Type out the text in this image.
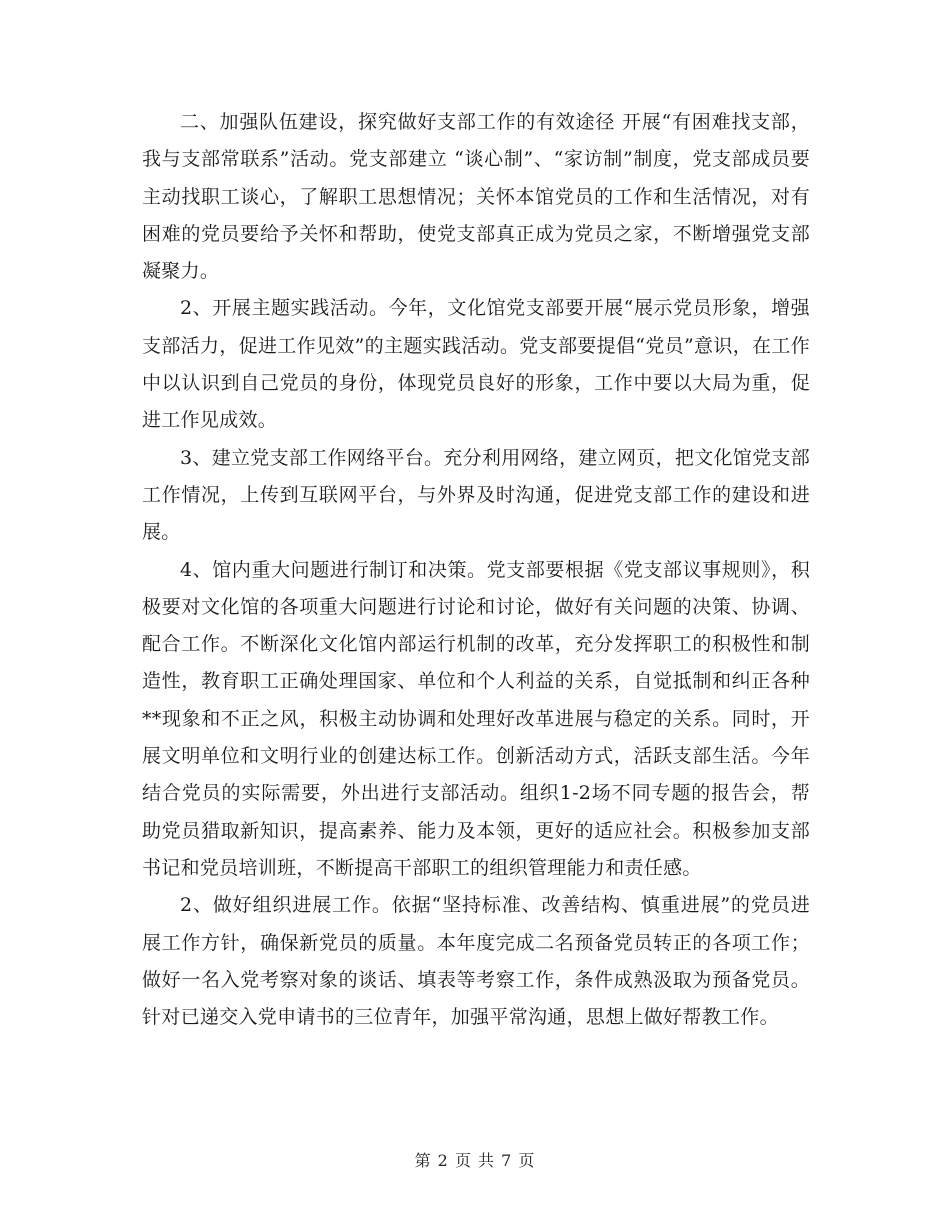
二、加强队伍建设，探究做好支部工作的有效途径 开展“有困难找支部，我与支部常联系”活动。党支部建立 “谈心制”、“家访制”制度，党支部成员要主动找职工谈心，了解职工思想情况；关怀本馆党员的工作和生活情况，对有困难的党员要给予关怀和帮助，使党支部真正成为党员之家，不断增强党支部凝聚力。

2、开展主题实践活动。今年，文化馆党支部要开展“展示党员形象，增强支部活力，促进工作见效”的主题实践活动。党支部要提倡“党员”意识，在工作中以认识到自己党员的身份，体现党员良好的形象，工作中要以大局为重，促进工作见成效。

3、建立党支部工作网络平台。充分利用网络，建立网页，把文化馆党支部工作情况，上传到互联网平台，与外界及时沟通，促进党支部工作的建设和进展。

4、馆内重大问题进行制订和决策。党支部要根据《党支部议事规则》，积极要对文化馆的各项重大问题进行讨论和讨论，做好有关问题的决策、协调、配合工作。不断深化文化馆内部运行机制的改革，充分发挥职工的积极性和制造性，教育职工正确处理国家、单位和个人利益的关系，自觉抵制和纠正各种**现象和不正之风，积极主动协调和处理好改革进展与稳定的关系。同时，开展文明单位和文明行业的创建达标工作。创新活动方式，活跃支部生活。今年结合党员的实际需要，外出进行支部活动。组织1-2场不同专题的报告会，帮助党员猎取新知识，提高素养、能力及本领，更好的适应社会。积极参加支部书记和党员培训班，不断提高干部职工的组织管理能力和责任感。

2、做好组织进展工作。依据“坚持标准、改善结构、慎重进展”的党员进展工作方针，确保新党员的质量。本年度完成二名预备党员转正的各项工作；做好一名入党考察对象的谈话、填表等考察工作，条件成熟汲取为预备党员。针对已递交入党申请书的三位青年，加强平常沟通，思想上做好帮教工作。

第 2 页 共 7 页
